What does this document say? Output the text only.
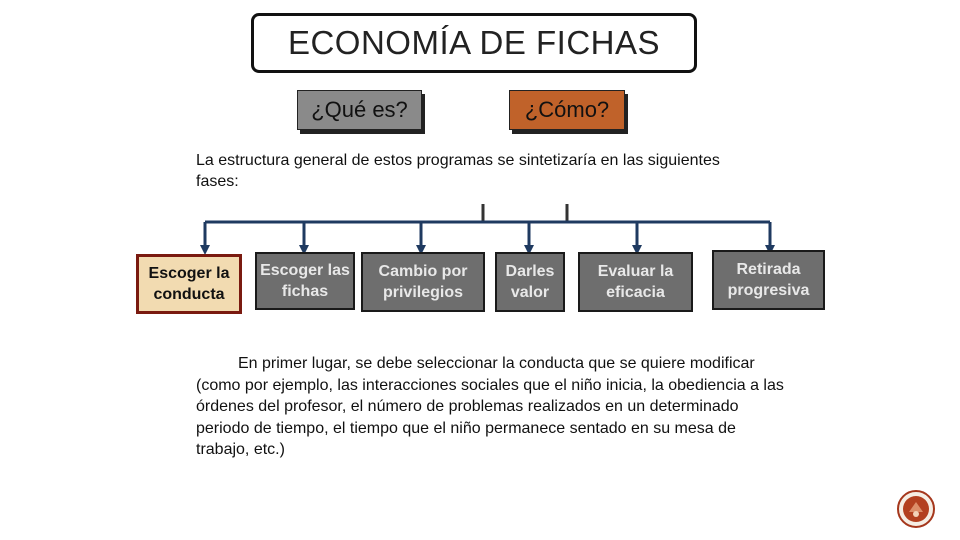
ECONOMÍA DE FICHAS
¿Qué es?	¿Cómo?
La estructura general de estos programas se sintetizaría en las siguientes fases:
Escoger la conducta
Escoger las fichas
Cambio por privilegios
Darles valor
Evaluar la eficacia
Retirada progresiva
En primer lugar, se debe seleccionar la conducta que se quiere modificar (como por ejemplo, las interacciones sociales que el niño inicia, la obediencia a las órdenes del profesor, el número de problemas realizados en un determinado periodo de tiempo, el tiempo que el niño permanece sentado en su mesa de trabajo, etc.)
